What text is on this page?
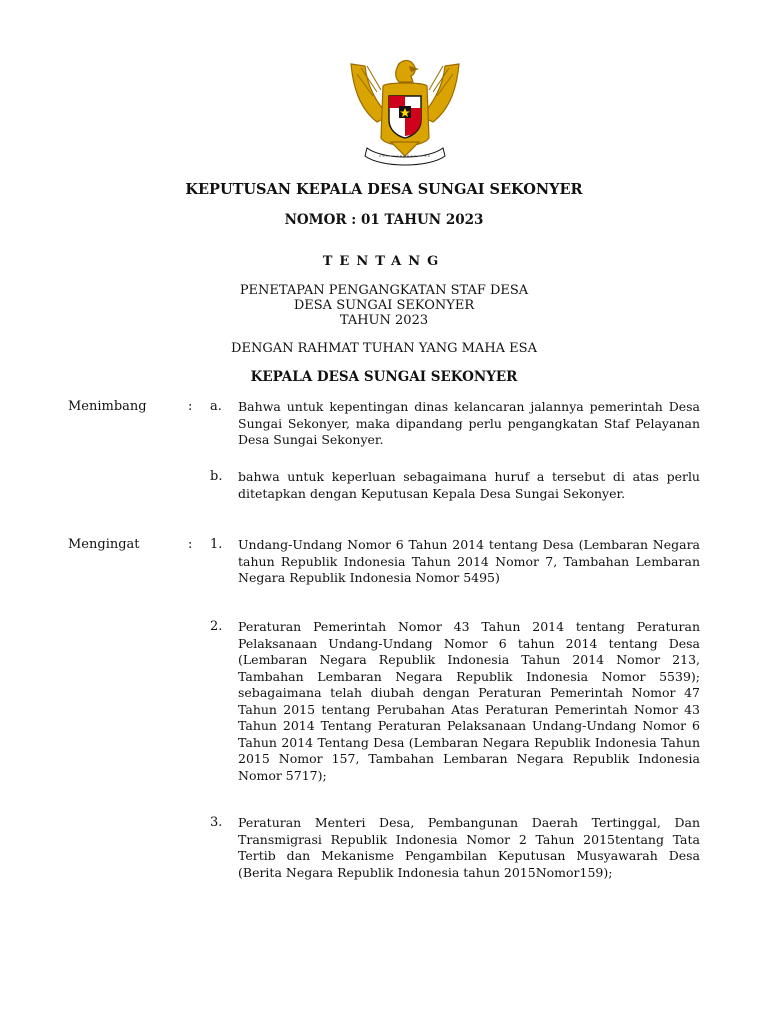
KEPUTUSAN KEPALA DESA SUNGAI SEKONYER
NOMOR : 01 TAHUN 2023
TENTANG
PENETAPAN PENGANGKATAN STAF DESA
DESA SUNGAI SEKONYER
TAHUN 2023
DENGAN RAHMAT TUHAN YANG MAHA ESA
KEPALA DESA SUNGAI SEKONYER
Menimbang	: a.	Bahwa untuk kepentingan dinas kelancaran jalannya pemerintah Desa Sungai Sekonyer, maka dipandang perlu pengangkatan Staf Pelayanan Desa Sungai Sekonyer.
b.	bahwa untuk keperluan sebagaimana huruf a tersebut di atas perlu ditetapkan dengan Keputusan Kepala Desa Sungai Sekonyer.
Mengingat	: 1.	Undang-Undang Nomor 6 Tahun 2014 tentang Desa (Lembaran Negara tahun Republik Indonesia Tahun 2014 Nomor 7, Tambahan Lembaran Negara Republik Indonesia Nomor 5495)
2.	Peraturan Pemerintah Nomor 43 Tahun 2014 tentang Peraturan Pelaksanaan Undang-Undang Nomor 6 tahun 2014 tentang Desa (Lembaran Negara Republik Indonesia Tahun 2014 Nomor 213, Tambahan Lembaran Negara Republik Indonesia Nomor 5539); sebagaimana telah diubah dengan Peraturan Pemerintah Nomor 47 Tahun 2015 tentang Perubahan Atas Peraturan Pemerintah Nomor 43 Tahun 2014 Tentang Peraturan Pelaksanaan Undang-Undang Nomor 6 Tahun 2014 Tentang Desa (Lembaran Negara Republik Indonesia Tahun 2015 Nomor 157, Tambahan Lembaran Negara Republik Indonesia Nomor 5717);
3.	Peraturan Menteri Desa, Pembangunan Daerah Tertinggal, Dan Transmigrasi Republik Indonesia Nomor 2 Tahun 2015tentang Tata Tertib dan Mekanisme Pengambilan Keputusan Musyawarah Desa (Berita Negara Republik Indonesia tahun 2015Nomor159);
